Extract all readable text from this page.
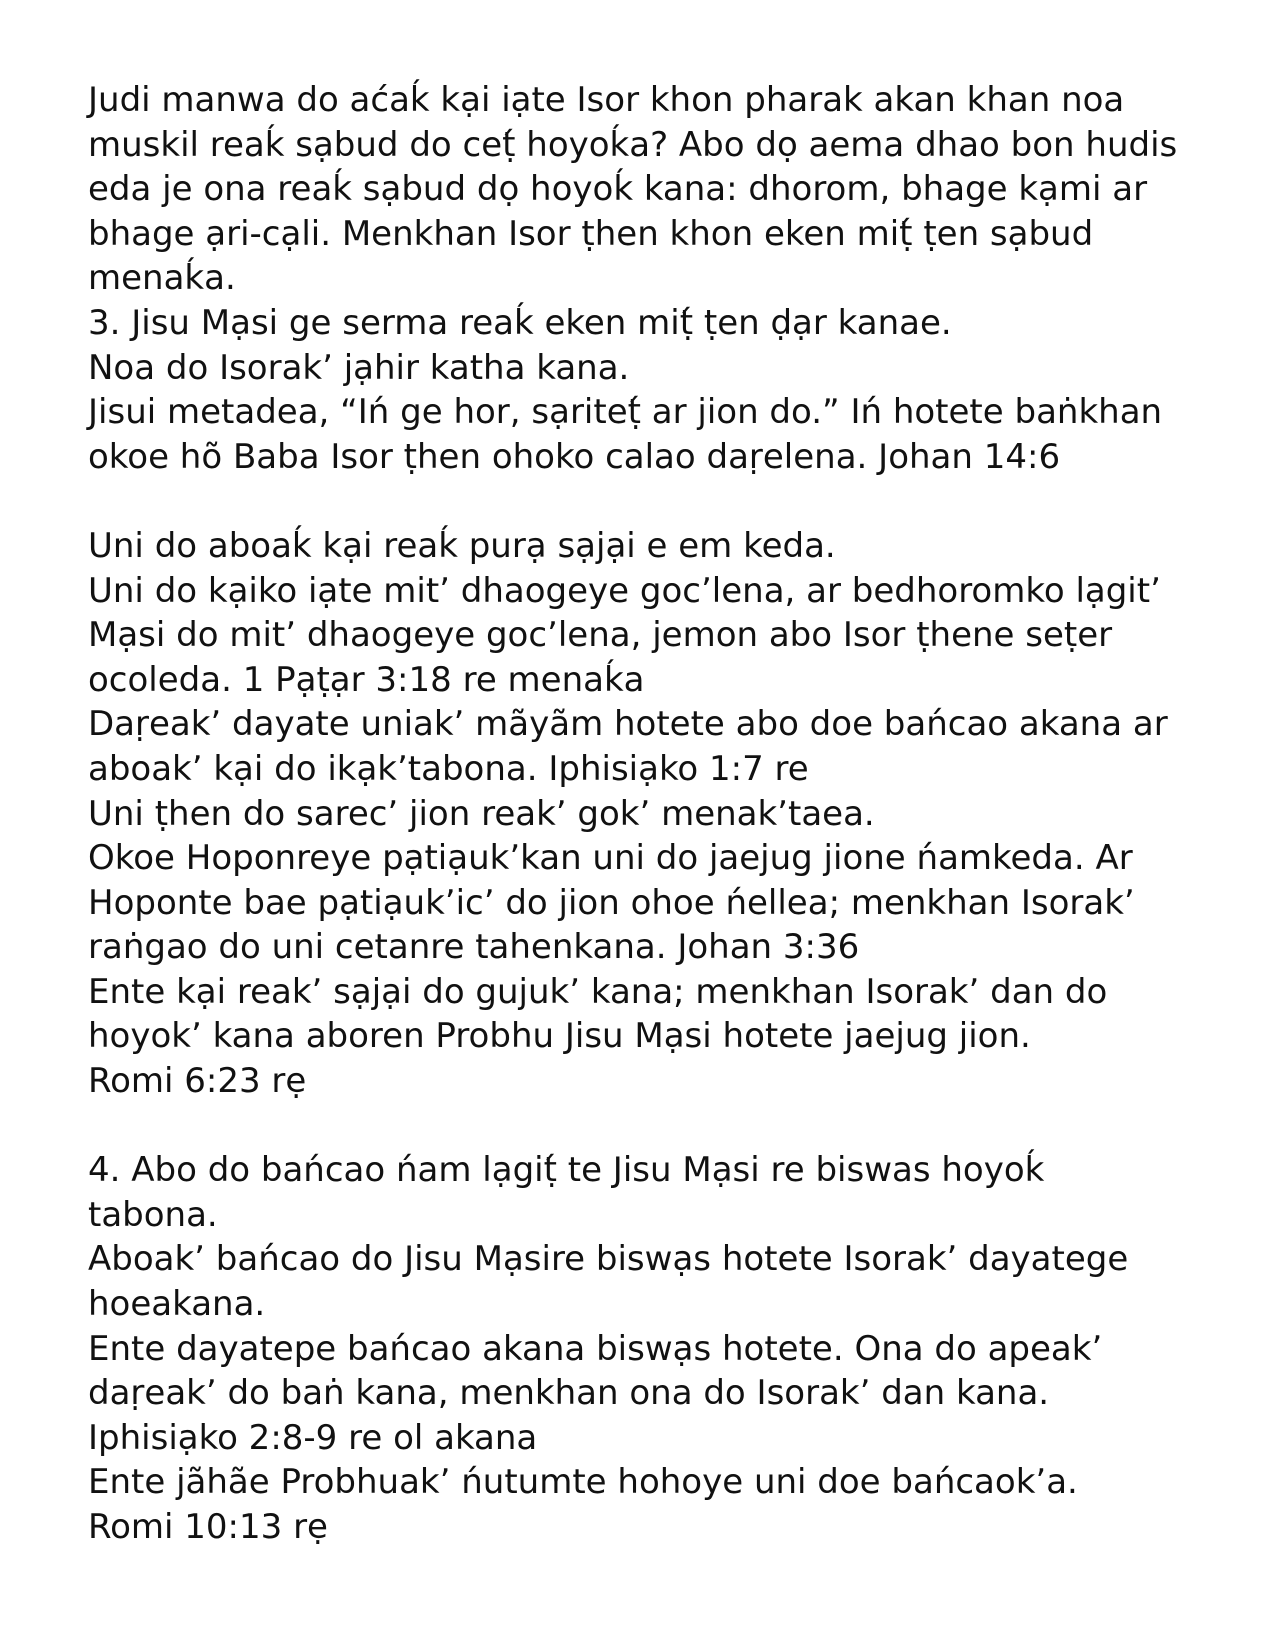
Judi manwa do aćaḱ kại iạte Isor khon pharak akan khan noa
muskil reaḱ sạbud do ceṭ́ hoyoḱa? Abo dọ aema dhao bon hudis
eda je ona reaḱ sạbud dọ hoyoḱ kana: dhorom, bhage kạmi ar
bhage ạri-cạli. Menkhan Isor ṭhen khon eken miṭ́ ṭen sạbud
menaḱa.
3. Jisu Mạsi ge serma reaḱ eken miṭ́ ṭen ḍạr kanae.
Noa do Isorak’ jạhir katha kana.
Jisui metadea, “Iń ge hor, sạriteṭ́ ar jion do.” Iń hotete baṅkhan
okoe hõ Baba Isor ṭhen ohoko calao daṛelena. Johan 14:6
Uni do aboaḱ kại reaḱ purạ sạjại e em keda.
Uni do kạiko iạte mit’ dhaogeye goc’lena, ar bedhoromko lạgit’
Mạsi do mit’ dhaogeye goc’lena, jemon abo Isor ṭhene seṭer
ocoleda. 1 Pạṭạr 3:18 re menaḱa
Daṛeak’ dayate uniak’ mãyãm hotete abo doe bańcao akana ar
aboak’ kại do ikạk’tabona. Iphisiạko 1:7 re
Uni ṭhen do sarec’ jion reak’ gok’ menak’taea.
Okoe Hoponreye pạtiạuk’kan uni do jaejug jione ńamkeda. Ar
Hoponte bae pạtiạuk’ic’ do jion ohoe ńellea; menkhan Isorak’
raṅgao do uni cetanre tahenkana. Johan 3:36
Ente kại reak’ sạjại do gujuk’ kana; menkhan Isorak’ dan do
hoyok’ kana aboren Probhu Jisu Mạsi hotete jaejug jion.
Romi 6:23 rẹ
4. Abo do bańcao ńam lạgiṭ́ te Jisu Mạsi re biswas hoyoḱ
tabona.
Aboak’ bańcao do Jisu Mạsire biswạs hotete Isorak’ dayatege
hoeakana.
Ente dayatepe bańcao akana biswạs hotete. Ona do apeak’
daṛeak’ do baṅ kana, menkhan ona do Isorak’ dan kana.
Iphisiạko 2:8-9 re ol akana
Ente jãhãe Probhuak’ ńutumte hohoye uni doe bańcaok’a.
Romi 10:13 rẹ
